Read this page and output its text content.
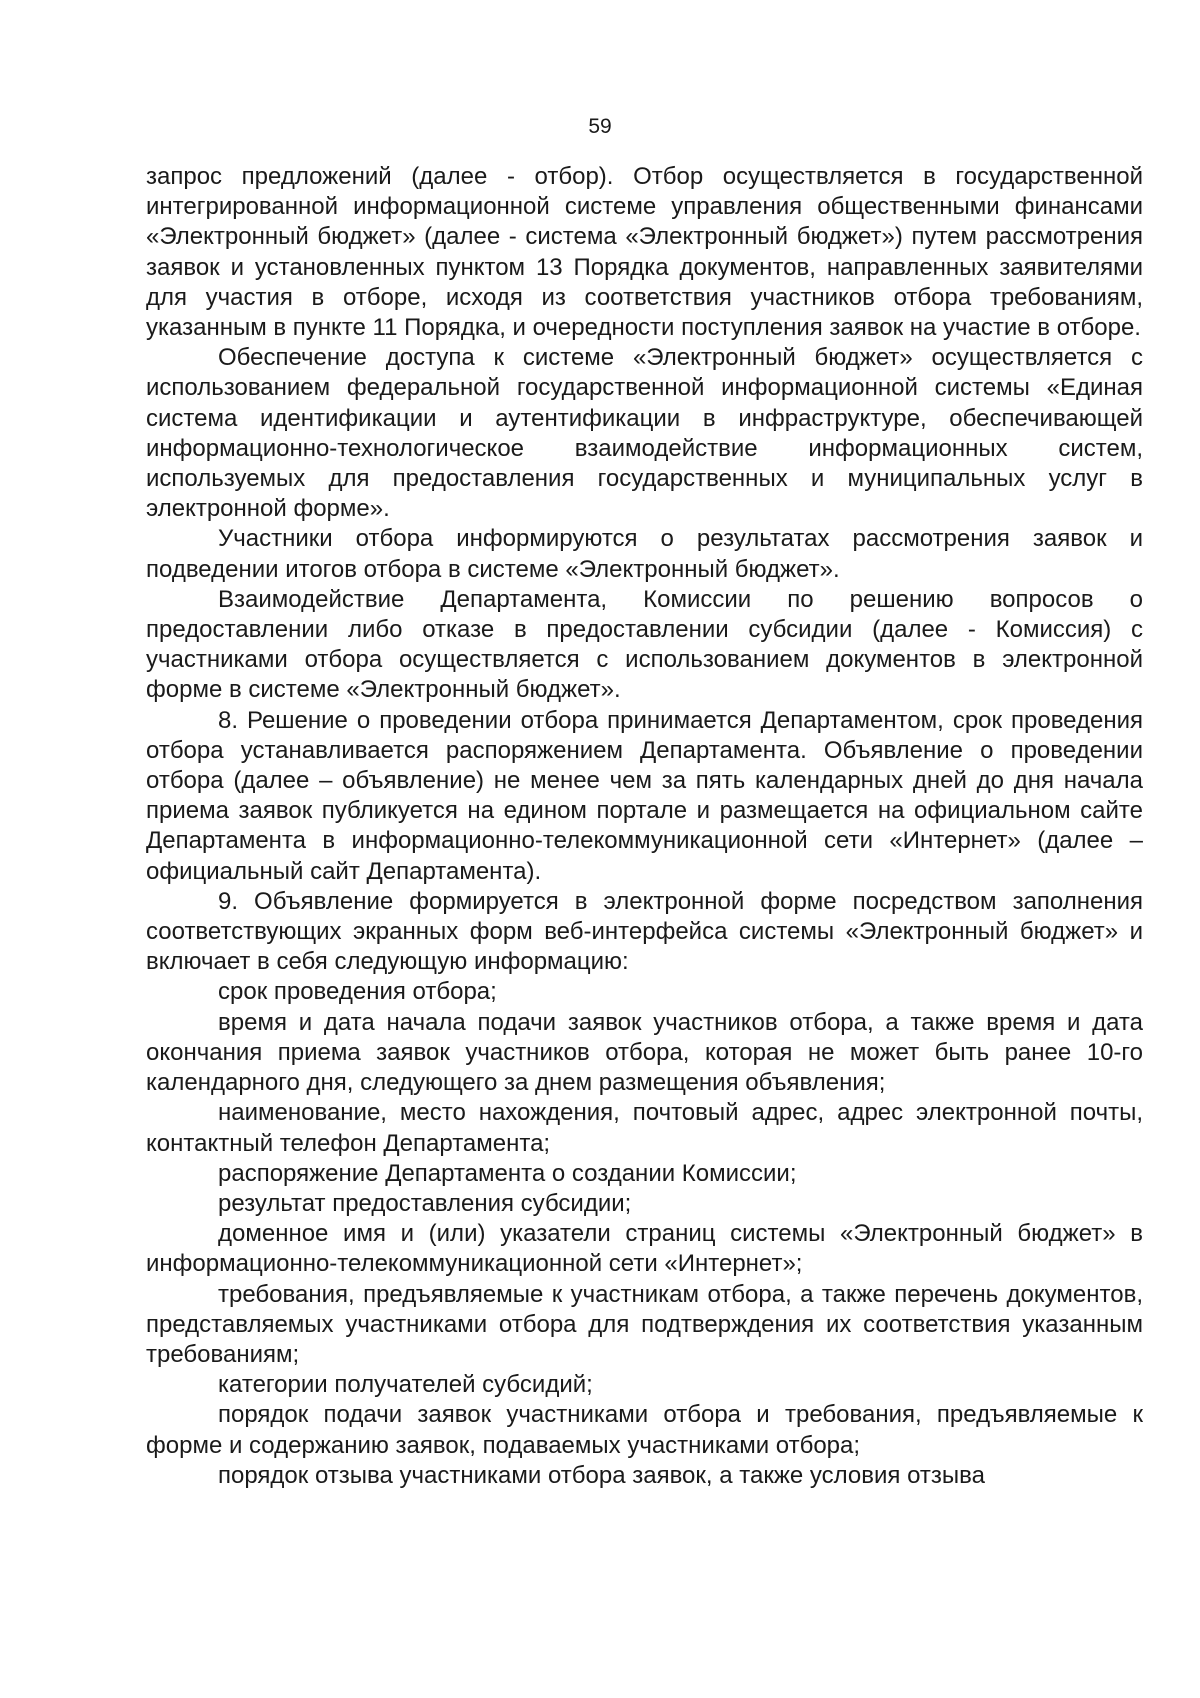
59

запрос предложений (далее - отбор). Отбор осуществляется в государственной интегрированной информационной системе управления общественными финансами «Электронный бюджет» (далее - система «Электронный бюджет») путем рассмотрения заявок и установленных пунктом 13 Порядка документов, направленных заявителями для участия в отборе, исходя из соответствия участников отбора требованиям, указанным в пункте 11 Порядка, и очередности поступления заявок на участие в отборе.

Обеспечение доступа к системе «Электронный бюджет» осуществляется с использованием федеральной государственной информационной системы «Единая система идентификации и аутентификации в инфраструктуре, обеспечивающей информационно-технологическое взаимодействие информационных систем, используемых для предоставления государственных и муниципальных услуг в электронной форме».

Участники отбора информируются о результатах рассмотрения заявок и подведении итогов отбора в системе «Электронный бюджет».

Взаимодействие Департамента, Комиссии по решению вопросов о предоставлении либо отказе в предоставлении субсидии (далее - Комиссия) с участниками отбора осуществляется с использованием документов в электронной форме в системе «Электронный бюджет».

8. Решение о проведении отбора принимается Департаментом, срок проведения отбора устанавливается распоряжением Департамента. Объявление о проведении отбора (далее – объявление) не менее чем за пять календарных дней до дня начала приема заявок публикуется на едином портале и размещается на официальном сайте Департамента в информационно-телекоммуникационной сети «Интернет» (далее – официальный сайт Департамента).

9. Объявление формируется в электронной форме посредством заполнения соответствующих экранных форм веб-интерфейса системы «Электронный бюджет» и включает в себя следующую информацию:

срок проведения отбора;

время и дата начала подачи заявок участников отбора, а также время и дата окончания приема заявок участников отбора, которая не может быть ранее 10-го календарного дня, следующего за днем размещения объявления;

наименование, место нахождения, почтовый адрес, адрес электронной почты, контактный телефон Департамента;

распоряжение Департамента о создании Комиссии;

результат предоставления субсидии;

доменное имя и (или) указатели страниц системы «Электронный бюджет» в информационно-телекоммуникационной сети «Интернет»;

требования, предъявляемые к участникам отбора, а также перечень документов, представляемых участниками отбора для подтверждения их соответствия указанным требованиям;

категории получателей субсидий;

порядок подачи заявок участниками отбора и требования, предъявляемые к форме и содержанию заявок, подаваемых участниками отбора;

порядок отзыва участниками отбора заявок, а также условия отзыва
